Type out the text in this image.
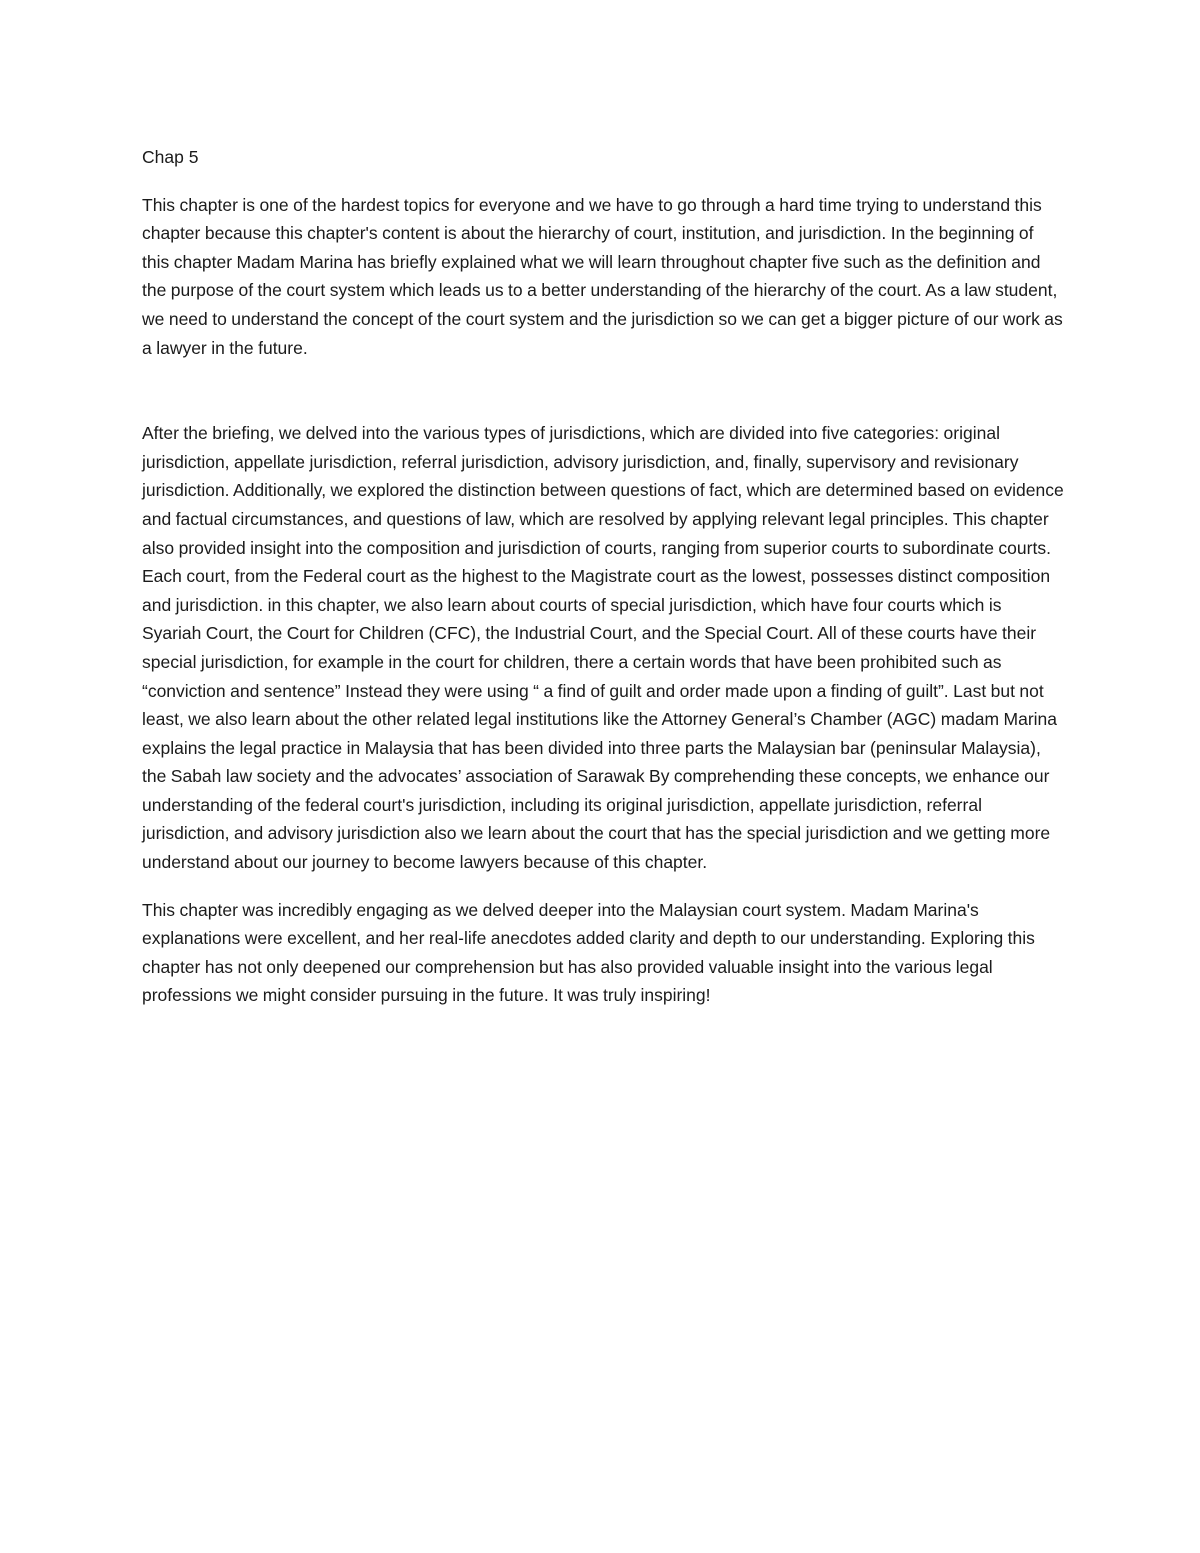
Chap 5

This chapter is one of the hardest topics for everyone and we have to go through a hard time trying to understand this chapter because this chapter's content is about the hierarchy of court, institution, and jurisdiction. In the beginning of this chapter Madam Marina has briefly explained what we will learn throughout chapter five such as the definition and the purpose of the court system which leads us to a better understanding of the hierarchy of the court. As a law student, we need to understand the concept of the court system and the jurisdiction so we can get a bigger picture of our work as a lawyer in the future.

After the briefing, we delved into the various types of jurisdictions, which are divided into five categories: original jurisdiction, appellate jurisdiction, referral jurisdiction, advisory jurisdiction, and, finally, supervisory and revisionary jurisdiction. Additionally, we explored the distinction between questions of fact, which are determined based on evidence and factual circumstances, and questions of law, which are resolved by applying relevant legal principles. This chapter also provided insight into the composition and jurisdiction of courts, ranging from superior courts to subordinate courts. Each court, from the Federal court as the highest to the Magistrate court as the lowest, possesses distinct composition and jurisdiction. in this chapter, we also learn about courts of special jurisdiction, which have four courts which is Syariah Court, the Court for Children (CFC), the Industrial Court, and the Special Court. All of these courts have their special jurisdiction, for example in the court for children, there a certain words that have been prohibited such as “conviction and sentence” Instead they were using “ a find of guilt and order made upon a finding of guilt”. Last but not least, we also learn about the other related legal institutions like the Attorney General’s Chamber (AGC) madam Marina explains the legal practice in Malaysia that has been divided into three parts the Malaysian bar (peninsular Malaysia), the Sabah law society and the advocates’ association of Sarawak By comprehending these concepts, we enhance our understanding of the federal court's jurisdiction, including its original jurisdiction, appellate jurisdiction, referral jurisdiction, and advisory jurisdiction also we learn about the court that has the special jurisdiction and we getting more understand about our journey to become lawyers because of this chapter.

This chapter was incredibly engaging as we delved deeper into the Malaysian court system. Madam Marina's explanations were excellent, and her real-life anecdotes added clarity and depth to our understanding. Exploring this chapter has not only deepened our comprehension but has also provided valuable insight into the various legal professions we might consider pursuing in the future. It was truly inspiring!
